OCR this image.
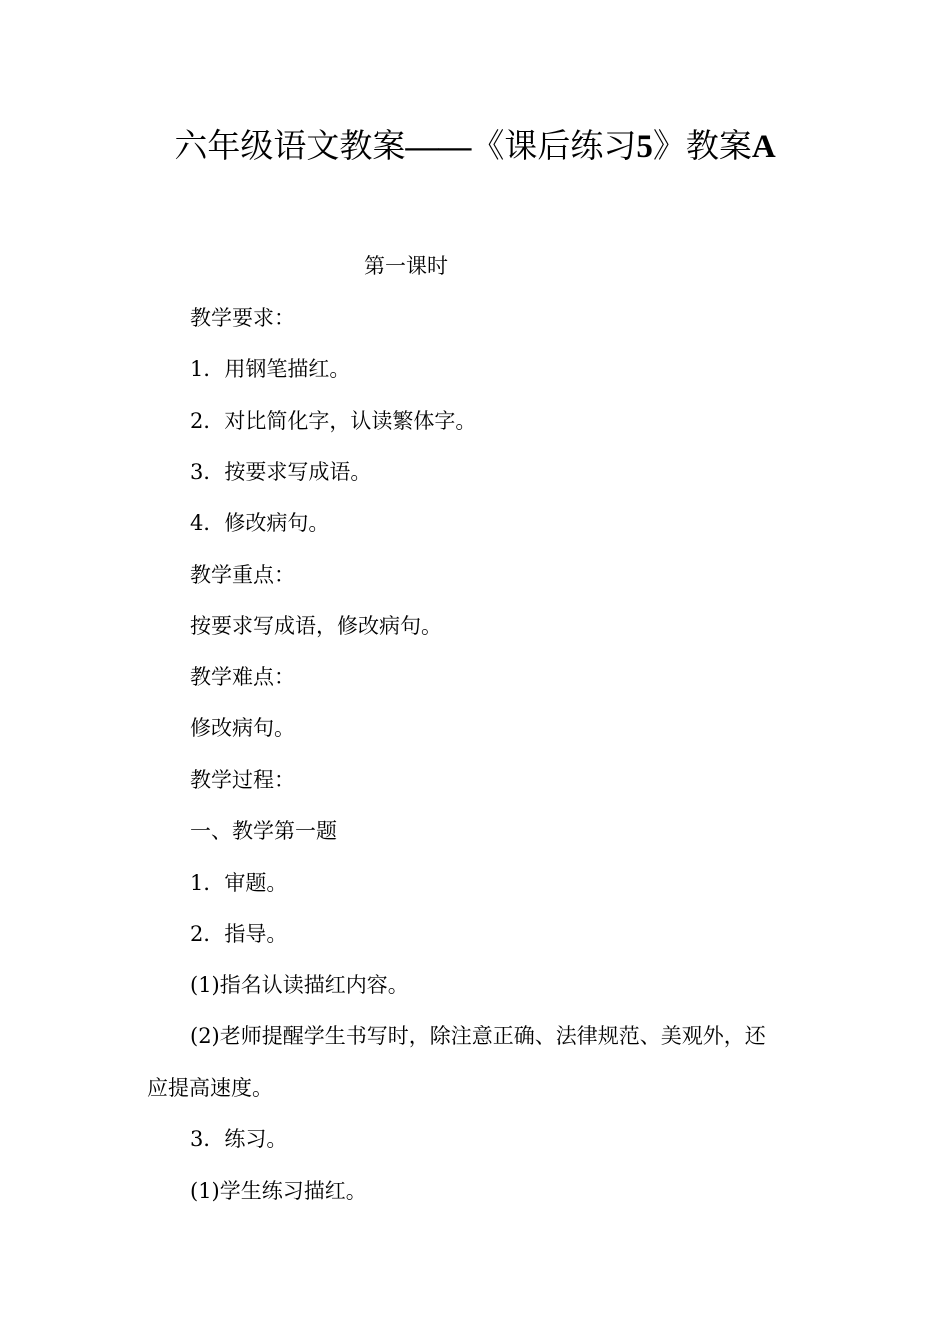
六年级语文教案——《课后练习5》教案A
第一课时
教学要求：
1．用钢笔描红。
2．对比简化字，认读繁体字。
3．按要求写成语。
4．修改病句。
教学重点：
按要求写成语，修改病句。
教学难点：
修改病句。
教学过程：
一、教学第一题
1．审题。
2．指导。
(1)指名认读描红内容。
(2)老师提醒学生书写时，除注意正确、法律规范、美观外，还
应提高速度。
3．练习。
(1)学生练习描红。
